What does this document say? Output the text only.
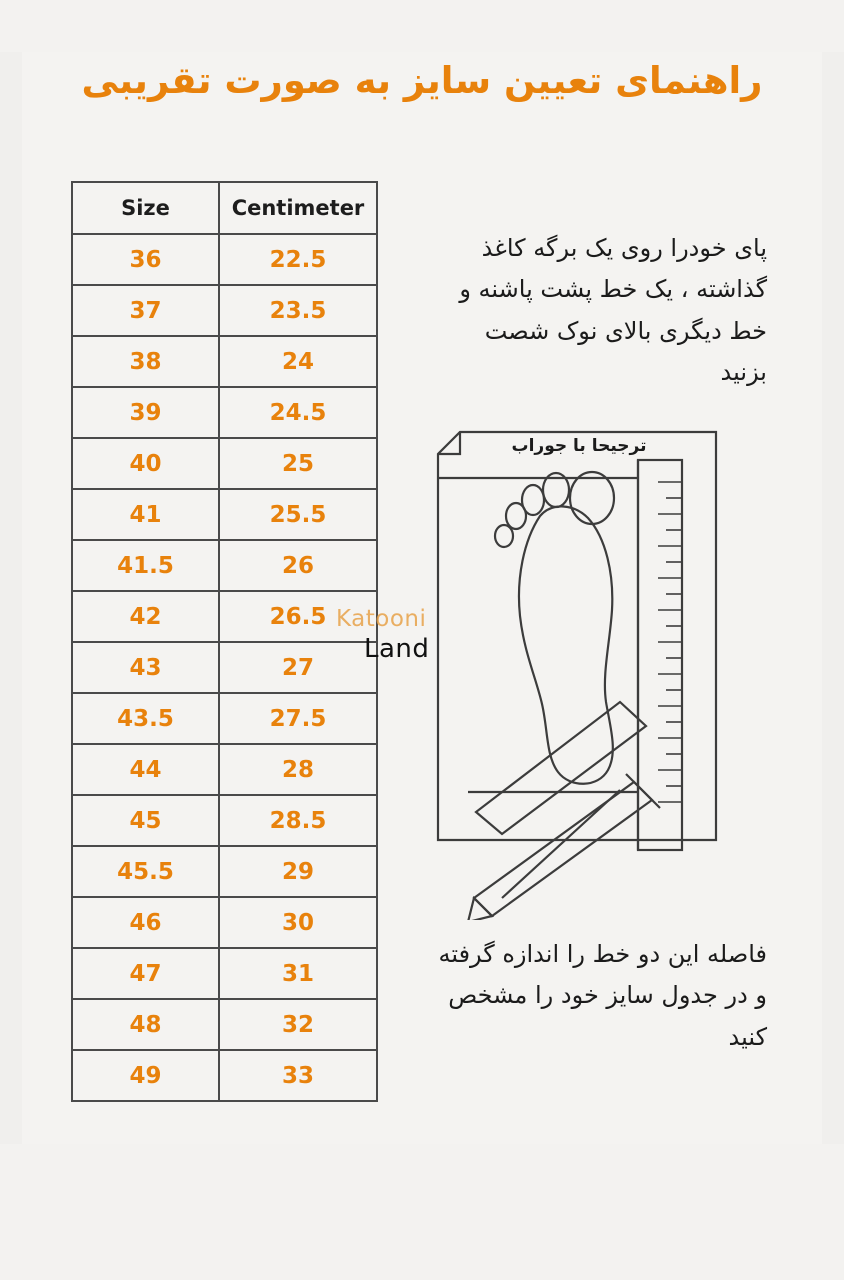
راهنمای تعیین سایز به صورت تقریبی
Centimeter	Size
22.5	36
23.5	37
24	38
24.5	39
25	40
25.5	41
26	41.5
26.5	42
27	43
27.5	43.5
28	44
28.5	45
29	45.5
30	46
31	47
32	48
33	49
پای خودرا روی یک برگه کاغذ گذاشته ، یک خط پشت پاشنه و خط دیگری بالای نوک شصت بزنید
ترجیحا با جوراب
Katooni
Land
فاصله این دو خط را اندازه گرفته و در جدول سایز خود را مشخص کنید
